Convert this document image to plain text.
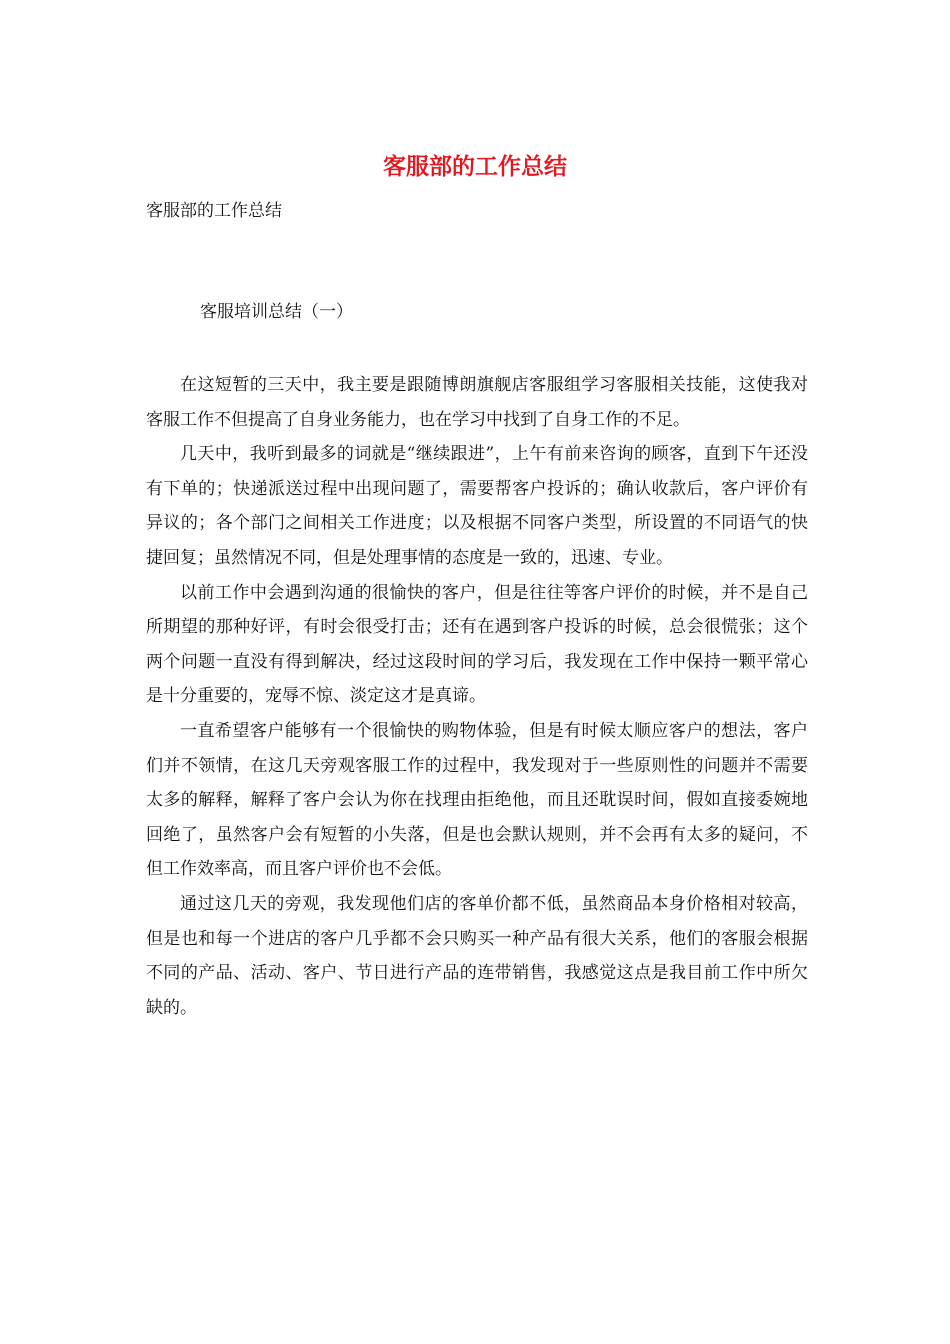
客服部的工作总结
客服部的工作总结
客服培训总结（一）

在这短暂的三天中，我主要是跟随博朗旗舰店客服组学习客服相关技能，这使我对客服工作不但提高了自身业务能力，也在学习中找到了自身工作的不足。

几天中，我听到最多的词就是“继续跟进”，上午有前来咨询的顾客，直到下午还没有下单的；快递派送过程中出现问题了，需要帮客户投诉的；确认收款后，客户评价有异议的；各个部门之间相关工作进度；以及根据不同客户类型，所设置的不同语气的快捷回复；虽然情况不同，但是处理事情的态度是一致的，迅速、专业。

以前工作中会遇到沟通的很愉快的客户，但是往往等客户评价的时候，并不是自己所期望的那种好评，有时会很受打击；还有在遇到客户投诉的时候，总会很慌张；这个两个问题一直没有得到解决，经过这段时间的学习后，我发现在工作中保持一颗平常心是十分重要的，宠辱不惊、淡定这才是真谛。

一直希望客户能够有一个很愉快的购物体验，但是有时候太顺应客户的想法，客户们并不领情，在这几天旁观客服工作的过程中，我发现对于一些原则性的问题并不需要太多的解释，解释了客户会认为你在找理由拒绝他，而且还耽误时间，假如直接委婉地回绝了，虽然客户会有短暂的小失落，但是也会默认规则，并不会再有太多的疑问，不但工作效率高，而且客户评价也不会低。

通过这几天的旁观，我发现他们店的客单价都不低，虽然商品本身价格相对较高，但是也和每一个进店的客户几乎都不会只购买一种产品有很大关系，他们的客服会根据不同的产品、活动、客户、节日进行产品的连带销售，我感觉这点是我目前工作中所欠缺的。
